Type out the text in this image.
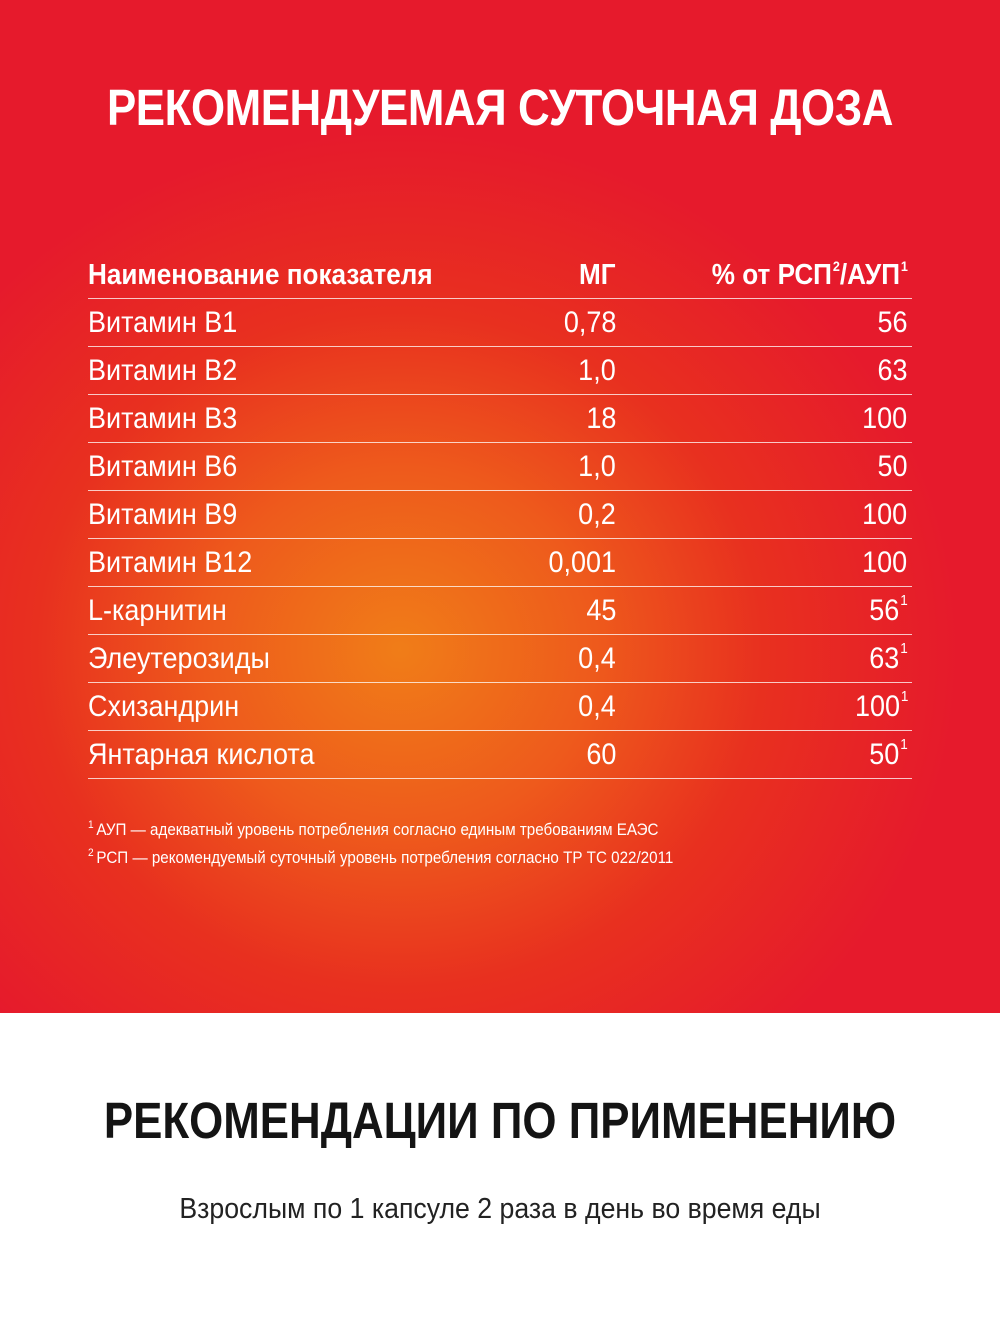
РЕКОМЕНДУЕМАЯ СУТОЧНАЯ ДОЗА
Наименование показателя	МГ	% от РСП$^2$/АУП$^1$
Витамин В1	0,78	56
Витамин В2	1,0	63
Витамин В3	18	100
Витамин В6	1,0	50
Витамин В9	0,2	100
Витамин В12	0,001	100
L-карнитин	45	$56^1$
Элеутерозиды	0,4	$63^1$
Схизандрин	0,4	$100^1$
Янтарная кислота	60	$50^1$
$^1$ АУП — адекватный уровень потребления согласно единым требованиям ЕАЭС
$^2$ РСП — рекомендуемый суточный уровень потребления согласно ТР ТС 022/2011
РЕКОМЕНДАЦИИ ПО ПРИМЕНЕНИЮ

Взрослым по 1 капсуле 2 раза в день во время еды
